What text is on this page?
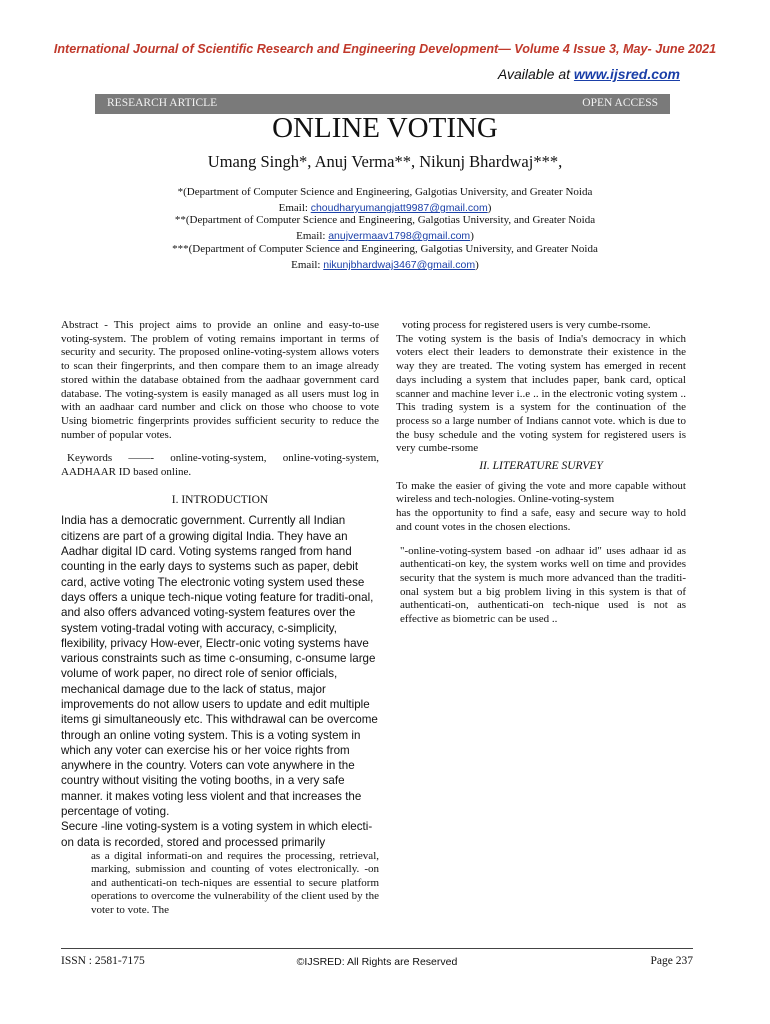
International Journal of Scientific Research and Engineering Development— Volume 4 Issue 3, May- June 2021
Available at www.ijsred.com
RESEARCH ARTICLE	OPEN ACCESS
ONLINE VOTING
Umang Singh*, Anuj Verma**, Nikunj Bhardwaj***,
*(Department of Computer Science and Engineering, Galgotias University, and Greater Noida
Email: choudharyumangjatt9987@gmail.com)
**(Department of Computer Science and Engineering, Galgotias University, and Greater Noida
Email: anujvermaav1798@gmail.com)
***(Department of Computer Science and Engineering, Galgotias University, and Greater Noida
Email: nikunjbhardwaj3467@gmail.com)

Abstract - This project aims to provide an online and easy-to-use voting-system. The problem of voting remains important in terms of security and security. The proposed online-voting-system allows voters to scan their fingerprints, and then compare them to an image already stored within the database obtained from the aadhaar government card database. The voting-system is easily managed as all users must log in with an aadhaar card number and click on those who choose to vote Using biometric fingerprints provides sufficient security to reduce the number of popular votes.

Keywords ——- online-voting-system, online-voting-system, AADHAAR ID based online.

I. INTRODUCTION

India has a democratic government. Currently all Indian citizens are part of a growing digital India. They have an Aadhar digital ID card. Voting systems ranged from hand counting in the early days to systems such as paper, debit card, active voting The electronic voting system used these days offers a unique tech-nique voting feature for traditi-onal, and also offers advanced voting-system features over the system voting-tradal voting with accuracy, c-simplicity, flexibility, privacy How-ever, Electr-onic voting systems have various constraints such as time c-onsuming, c-onsume large volume of work paper, no direct role of senior officials, mechanical damage due to the lack of status, major improvements do not allow users to update and edit multiple items gi simultaneously etc. This withdrawal can be overcome through an online voting system. This is a voting system in which any voter can exercise his or her voice rights from anywhere in the country. Voters can vote anywhere in the country without visiting the voting booths, in a very safe manner. it makes voting less violent and that increases the percentage of voting.

Secure -line voting-system is a voting system in which electi-on data is recorded, stored and processed primarily

as a digital informati-on and requires the processing, retrieval, marking, submission and counting of votes electronically. -on and authenticati-on tech-niques are essential to secure platform operations to overcome the vulnerability of the client used by the voter to vote. The

voting process for registered users is very cumbe-rsome.

The voting system is the basis of India's democracy in which voters elect their leaders to demonstrate their existence in the way they are treated. The voting system has emerged in recent days including a system that includes paper, bank card, optical scanner and machine lever i..e .. in the electronic voting system .. This trading system is a system for the continuation of the process so a large number of Indians cannot vote. which is due to the busy schedule and the voting system for registered users is very cumbe-rsome

II. LITERATURE SURVEY

To make the easier of giving the vote and more capable without wireless and tech-nologies. Online-voting-system

has the opportunity to find a safe, easy and secure way to hold and count votes in the chosen elections.

"-online-voting-system based -on adhaar id" uses adhaar id as authenticati-on key, the system works well on time and provides security that the system is much more advanced than the traditi-onal system but a big problem living in this system is that of authenticati-on, authenticati-on tech-nique used is not as effective as biometric can be used ..

ISSN : 2581-7175	©IJSRED: All Rights are Reserved	Page 237
